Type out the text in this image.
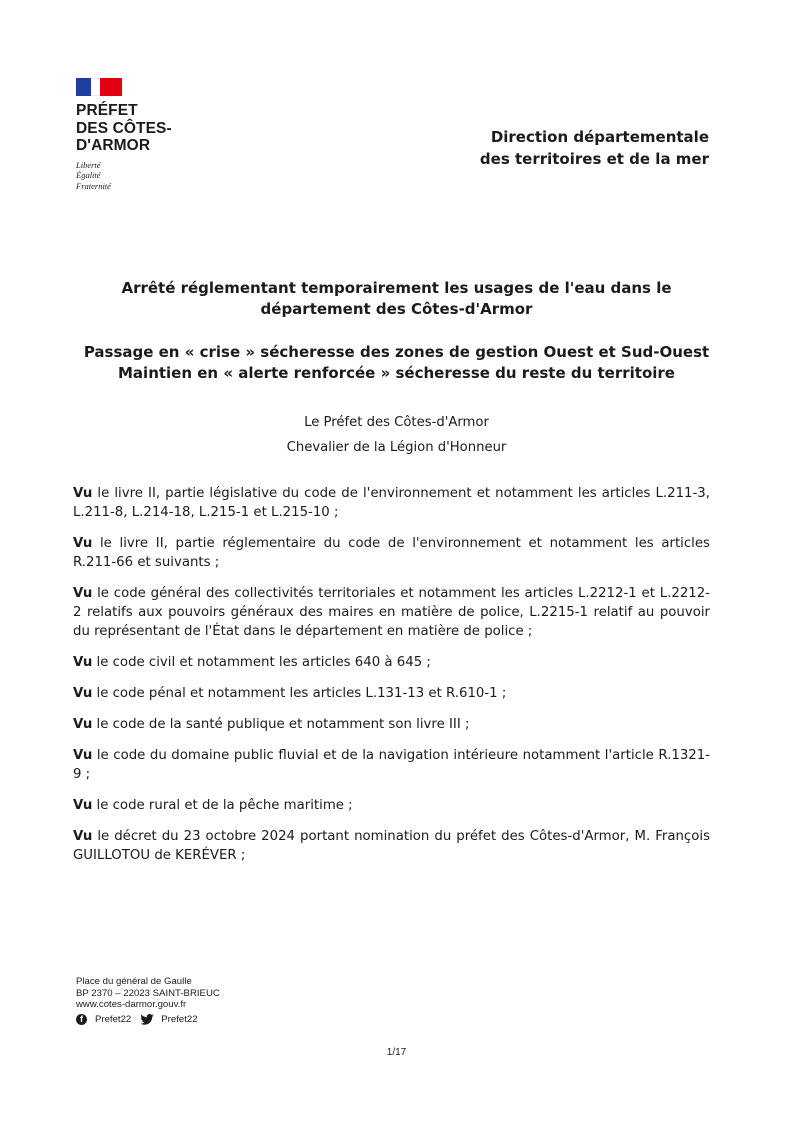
PRÉFET
DES CÔTES-
D'ARMOR
Liberté
Égalité
Fraternité
Direction départementale
des territoires et de la mer
Arrêté réglementant temporairement les usages de l'eau dans le
département des Côtes-d'Armor
Passage en « crise » sécheresse des zones de gestion Ouest et Sud-Ouest
Maintien en « alerte renforcée » sécheresse du reste du territoire
Le Préfet des Côtes-d'Armor
Chevalier de la Légion d'Honneur

Vu le livre II, partie législative du code de l'environnement et notamment les articles L.211-3, L.211-8, L.214-18, L.215-1 et L.215-10 ;

Vu le livre II, partie réglementaire du code de l'environnement et notamment les articles R.211-66 et suivants ;

Vu le code général des collectivités territoriales et notamment les articles L.2212-1 et L.2212-2 relatifs aux pouvoirs généraux des maires en matière de police, L.2215-1 relatif au pouvoir du représentant de l'État dans le département en matière de police ;

Vu le code civil et notamment les articles 640 à 645 ;

Vu le code pénal et notamment les articles L.131-13 et R.610-1 ;

Vu le code de la santé publique et notamment son livre III ;

Vu le code du domaine public fluvial et de la navigation intérieure notamment l'article R.1321-9 ;

Vu le code rural et de la pêche maritime ;

Vu le décret du 23 octobre 2024 portant nomination du préfet des Côtes-d'Armor, M. François GUILLOTOU de KERÉVER ;

Place du général de Gaulle
BP 2370 – 22023 SAINT-BRIEUC
www.cotes-darmor.gouv.fr
f	Prefet22	Prefet22
1/17
